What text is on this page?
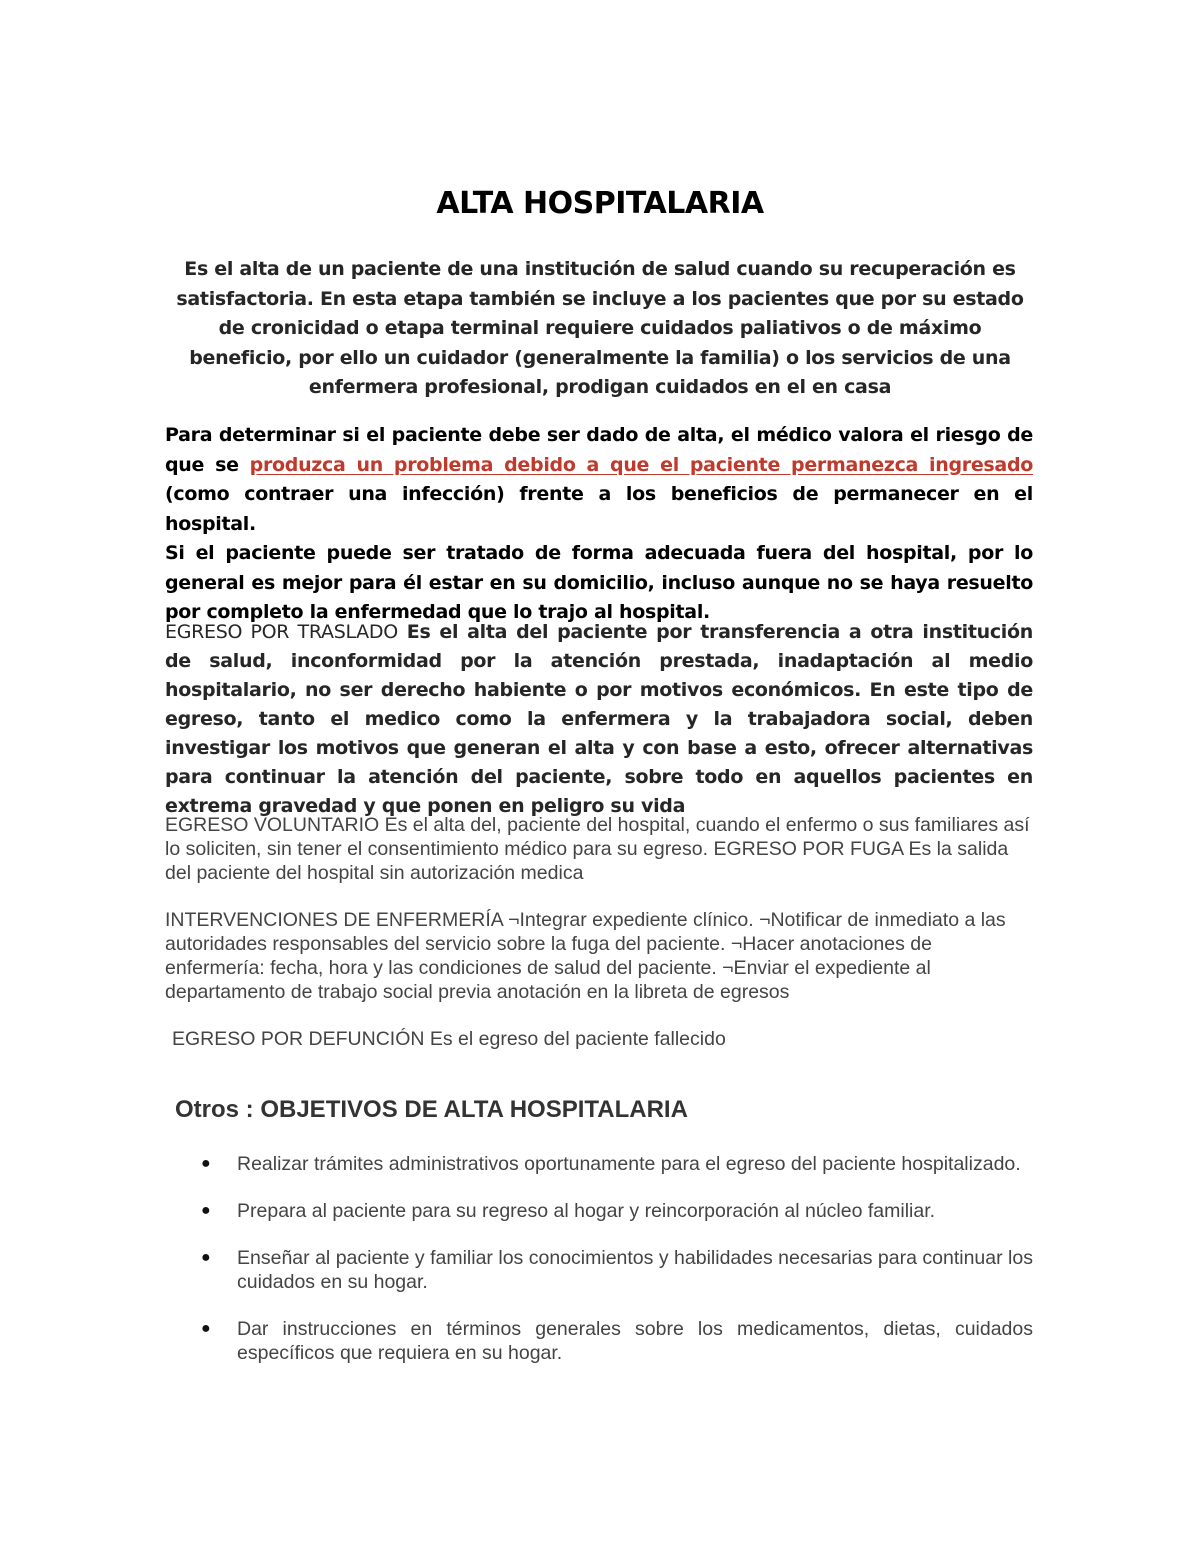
ALTA HOSPITALARIA

Es el alta de un paciente de una institución de salud cuando su recuperación es satisfactoria. En esta etapa también se incluye a los pacientes que por su estado de cronicidad o etapa terminal requiere cuidados paliativos o de máximo beneficio, por ello un cuidador (generalmente la familia) o los servicios de una enfermera profesional, prodigan cuidados en el en casa

Para determinar si el paciente debe ser dado de alta, el médico valora el riesgo de que se produzca un problema debido a que el paciente permanezca ingresado (como contraer una infección) frente a los beneficios de permanecer en el hospital.

Si el paciente puede ser tratado de forma adecuada fuera del hospital, por lo general es mejor para él estar en su domicilio, incluso aunque no se haya resuelto por completo la enfermedad que lo trajo al hospital.

EGRESO POR TRASLADO Es el alta del paciente por transferencia a otra institución de salud, inconformidad por la atención prestada, inadaptación al medio hospitalario, no ser derecho habiente o por motivos económicos. En este tipo de egreso, tanto el medico como la enfermera y la trabajadora social, deben investigar los motivos que generan el alta y con base a esto, ofrecer alternativas para continuar la atención del paciente, sobre todo en aquellos pacientes en extrema gravedad y que ponen en peligro su vida

EGRESO VOLUNTARIO Es el alta del, paciente del hospital, cuando el enfermo o sus familiares así lo soliciten, sin tener el consentimiento médico para su egreso. EGRESO POR FUGA Es la salida del paciente del hospital sin autorización medica

INTERVENCIONES DE ENFERMERÍA ¬Integrar expediente clínico. ¬Notificar de inmediato a las autoridades responsables del servicio sobre la fuga del paciente. ¬Hacer anotaciones de enfermería: fecha, hora y las condiciones de salud del paciente. ¬Enviar el expediente al departamento de trabajo social previa anotación en la libreta de egresos

EGRESO POR DEFUNCIÓN Es el egreso del paciente fallecido

Otros : OBJETIVOS DE ALTA HOSPITALARIA
● Realizar trámites administrativos oportunamente para el egreso del paciente hospitalizado.
● Prepara al paciente para su regreso al hogar y reincorporación al núcleo familiar.
● Enseñar al paciente y familiar los conocimientos y habilidades necesarias para continuar los cuidados en su hogar.
● Dar instrucciones en términos generales sobre los medicamentos, dietas, cuidados específicos que requiera en su hogar.
